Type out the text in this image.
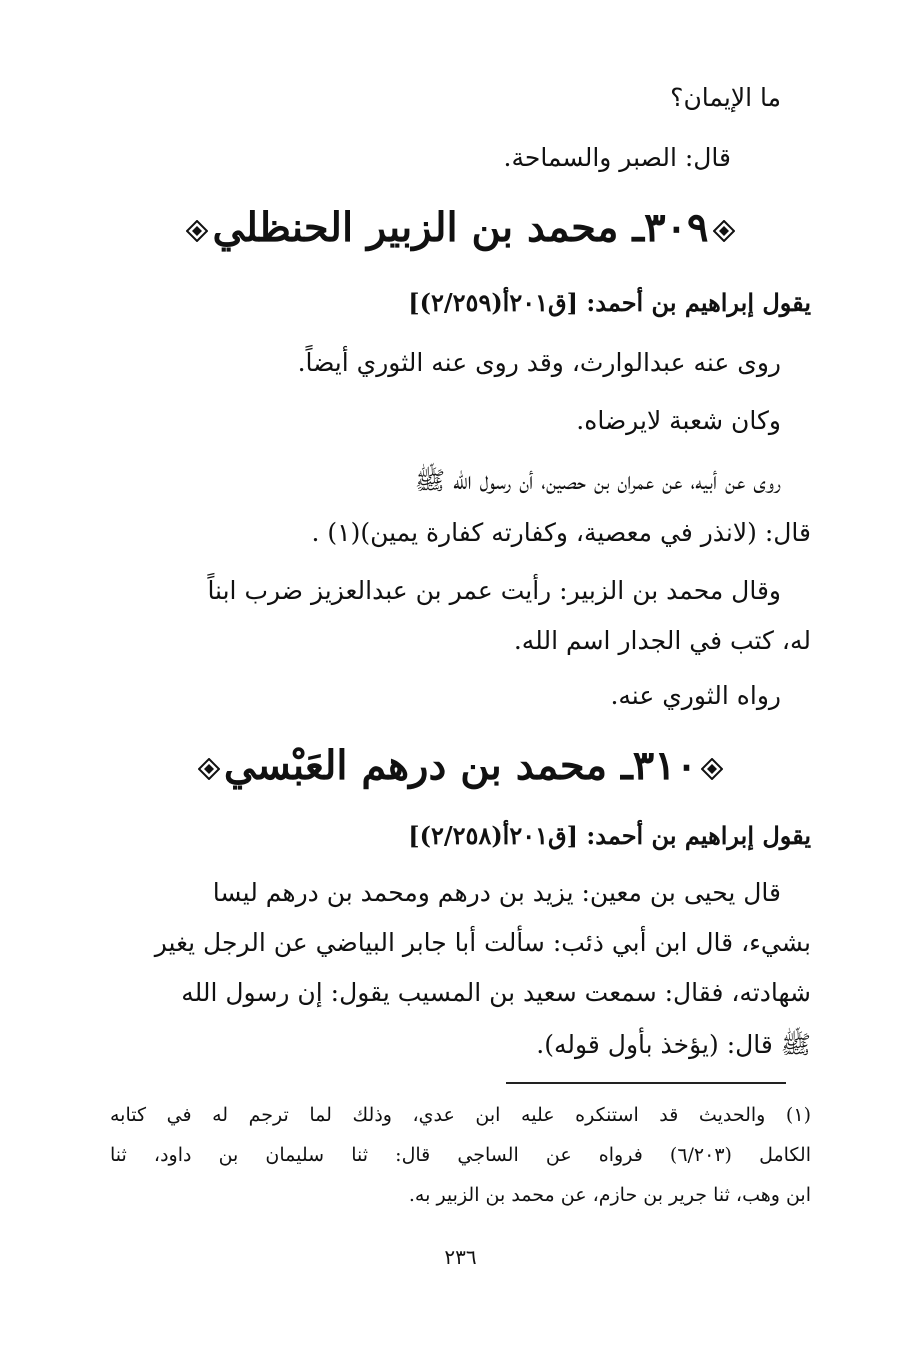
ما الإيمان؟
قال: الصبر والسماحة.
٣٠٩ـ محمد بن الزبير الحنظلي
يقول إبراهيم بن أحمد: [ق٢٠١أ(٢/٢٥٩)]
روى عنه عبدالوارث، وقد روى عنه الثوري أيضاً.
وكان شعبة لايرضاه.
روى عن أبيه، عن عمران بن حصين، أن رسول الله ﷺ
قال: (لانذر في معصية، وكفارته كفارة يمين)(١) .
وقال محمد بن الزبير: رأيت عمر بن عبدالعزيز ضرب ابناً
له، كتب في الجدار اسم الله.
رواه الثوري عنه.
٣١٠ـ محمد بن درهم العَبْسي
يقول إبراهيم بن أحمد: [ق٢٠١أ(٢/٢٥٨)]
قال يحيى بن معين: يزيد بن درهم ومحمد بن درهم ليسا
بشيء، قال ابن أبي ذئب: سألت أبا جابر البياضي عن الرجل يغير
شهادته، فقال: سمعت سعيد بن المسيب يقول: إن رسول الله
ﷺ قال: (يؤخذ بأول قوله).
(١) والحديث قد استنكره عليه ابن عدي، وذلك لما ترجم له في كتابه
الكامل (٦/٢٠٣) فرواه عن الساجي قال: ثنا سليمان بن داود، ثنا
ابن وهب، ثنا جرير بن حازم، عن محمد بن الزبير به.
٢٣٦
